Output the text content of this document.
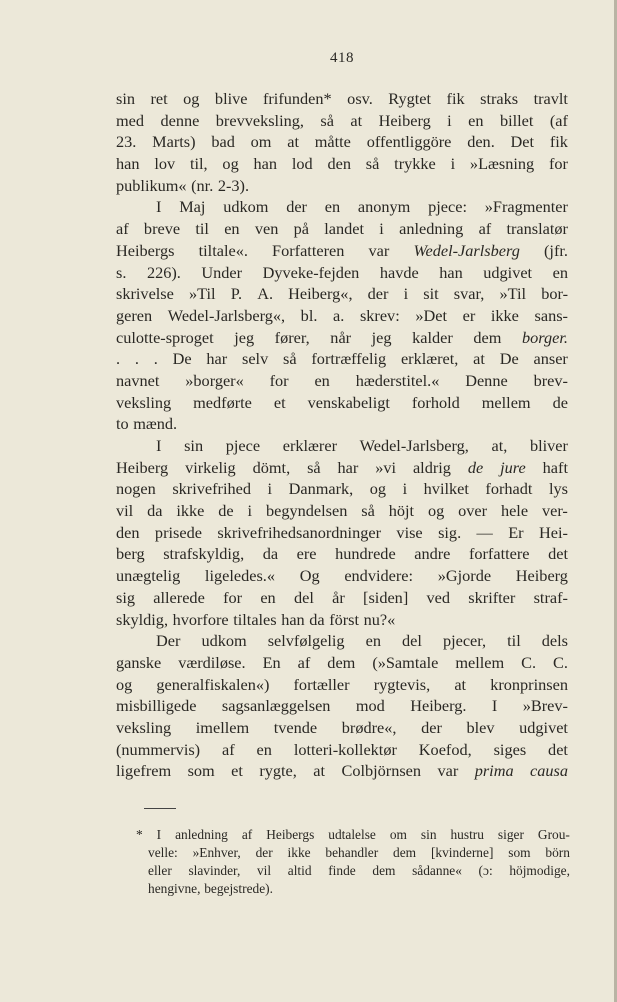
418
sin ret og blive frifunden* osv. Rygtet fik straks travlt
med denne brevveksling, så at Heiberg i en billet (af
23. Marts) bad om at måtte offentliggöre den. Det fik
han lov til, og han lod den så trykke i »Læsning for
publikum« (nr. 2-3).
I Maj udkom der en anonym pjece: »Fragmenter
af breve til en ven på landet i anledning af translatør
Heibergs tiltale«. Forfatteren var Wedel-Jarlsberg (jfr.
s. 226). Under Dyveke-fejden havde han udgivet en
skrivelse »Til P. A. Heiberg«, der i sit svar, »Til bor-
geren Wedel-Jarlsberg«, bl. a. skrev: »Det er ikke sans-
culotte-sproget jeg fører, når jeg kalder dem borger.
. . . De har selv så fortræffelig erklæret, at De anser
navnet »borger« for en hæderstitel.« Denne brev-
veksling medførte et venskabeligt forhold mellem de
to mænd.
I sin pjece erklærer Wedel-Jarlsberg, at, bliver
Heiberg virkelig dömt, så har »vi aldrig de jure haft
nogen skrivefrihed i Danmark, og i hvilket forhadt lys
vil da ikke de i begyndelsen så höjt og over hele ver-
den prisede skrivefrihedsanordninger vise sig. — Er Hei-
berg strafskyldig, da ere hundrede andre forfattere det
unægtelig ligeledes.« Og endvidere: »Gjorde Heiberg
sig allerede for en del år [siden] ved skrifter straf-
skyldig, hvorfore tiltales han da först nu?«
Der udkom selvfølgelig en del pjecer, til dels
ganske værdiløse. En af dem (»Samtale mellem C. C.
og generalfiskalen«) fortæller rygtevis, at kronprinsen
misbilligede sagsanlæggelsen mod Heiberg. I »Brev-
veksling imellem tvende brødre«, der blev udgivet
(nummervis) af en lotteri-kollektør Koefod, siges det
ligefrem som et rygte, at Colbjörnsen var prima causa
* I anledning af Heibergs udtalelse om sin hustru siger Grou-
velle: »Enhver, der ikke behandler dem [kvinderne] som börn
eller slavinder, vil altid finde dem sådanne« (ɔ: höjmodige,
hengivne, begejstrede).
